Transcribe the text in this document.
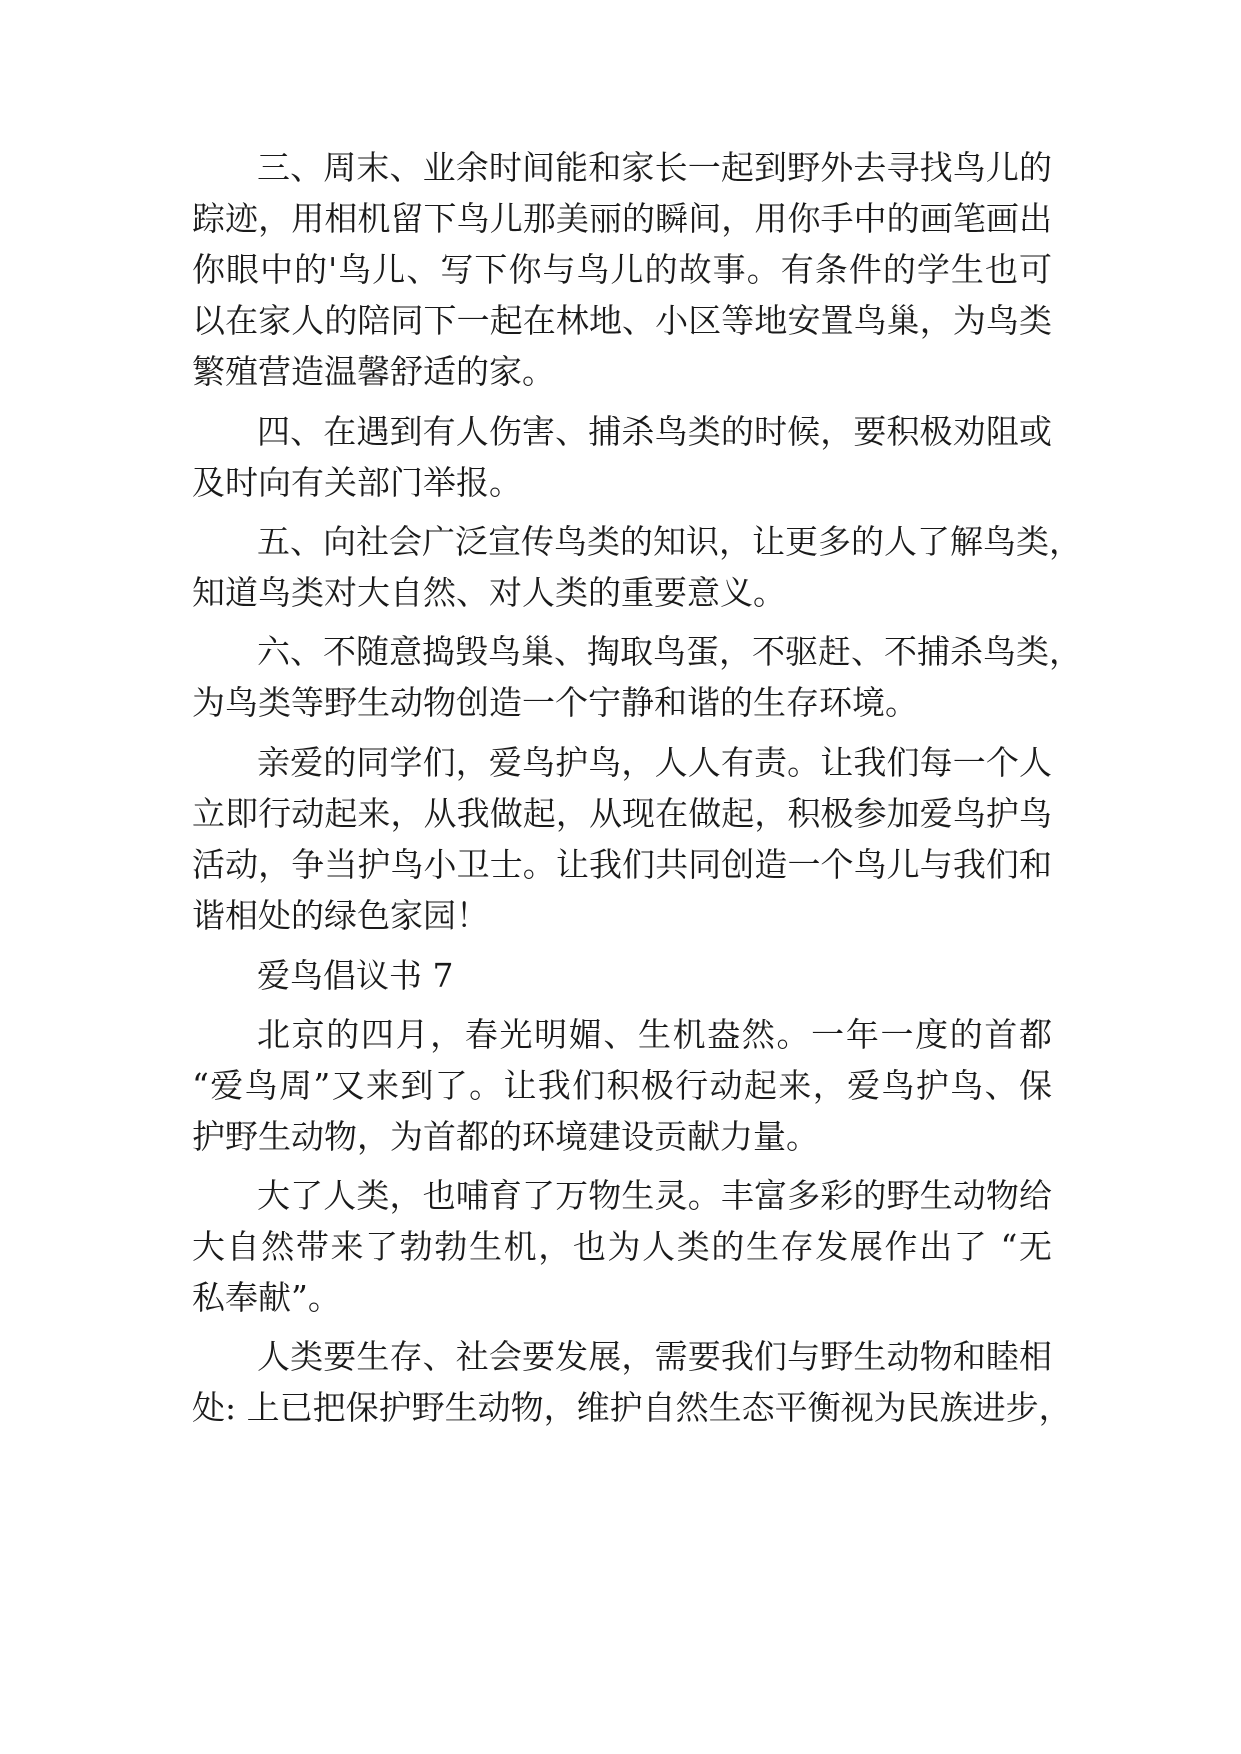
三、周末、业余时间能和家长一起到野外去寻找鸟儿的
踪迹，用相机留下鸟儿那美丽的瞬间，用你手中的画笔画出
你眼中的'鸟儿、写下你与鸟儿的故事。有条件的学生也可
以在家人的陪同下一起在林地、小区等地安置鸟巢，为鸟类
繁殖营造温馨舒适的家。
四、在遇到有人伤害、捕杀鸟类的时候，要积极劝阻或
及时向有关部门举报。
五、向社会广泛宣传鸟类的知识，让更多的人了解鸟类，
知道鸟类对大自然、对人类的重要意义。
六、不随意捣毁鸟巢、掏取鸟蛋，不驱赶、不捕杀鸟类，
为鸟类等野生动物创造一个宁静和谐的生存环境。
亲爱的同学们，爱鸟护鸟，人人有责。让我们每一个人
立即行动起来，从我做起，从现在做起，积极参加爱鸟护鸟
活动，争当护鸟小卫士。让我们共同创造一个鸟儿与我们和
谐相处的绿色家园！
爱鸟倡议书 7
北京的四月，春光明媚、生机盎然。一年一度的首都
“爱鸟周”又来到了。让我们积极行动起来，爱鸟护鸟、保
护野生动物，为首都的环境建设贡献力量。
大了人类，也哺育了万物生灵。丰富多彩的野生动物给
大自然带来了勃勃生机，也为人类的生存发展作出了 “无
私奉献”。
人类要生存、社会要发展，需要我们与野生动物和睦相
处: 上已把保护野生动物，维护自然生态平衡视为民族进步，
